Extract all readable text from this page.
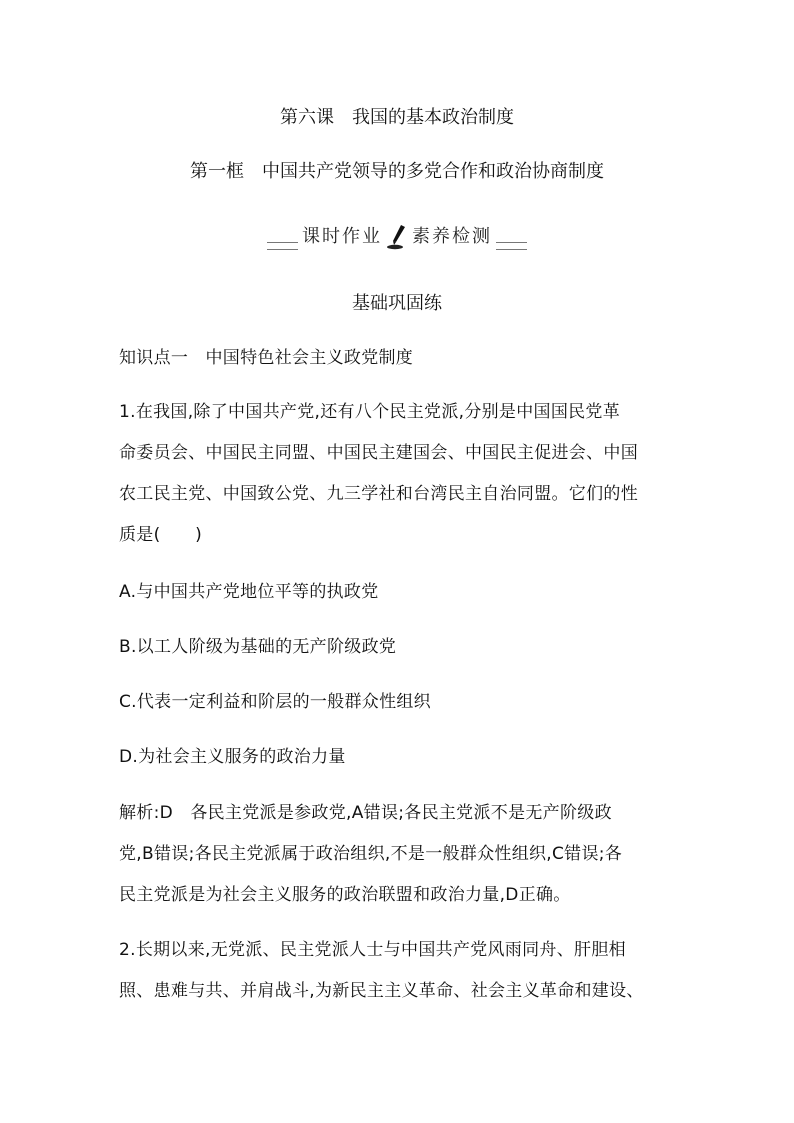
第六课　我国的基本政治制度
第一框　中国共产党领导的多党合作和政治协商制度
课时作业 素养检测
基础巩固练
知识点一　中国特色社会主义政党制度
1.在我国,除了中国共产党,还有八个民主党派,分别是中国国民党革
命委员会、中国民主同盟、中国民主建国会、中国民主促进会、中国
农工民主党、中国致公党、九三学社和台湾民主自治同盟。它们的性
质是(　　)
A.与中国共产党地位平等的执政党
B.以工人阶级为基础的无产阶级政党
C.代表一定利益和阶层的一般群众性组织
D.为社会主义服务的政治力量
解析:D　各民主党派是参政党,A错误;各民主党派不是无产阶级政
党,B错误;各民主党派属于政治组织,不是一般群众性组织,C错误;各
民主党派是为社会主义服务的政治联盟和政治力量,D正确。
2.长期以来,无党派、民主党派人士与中国共产党风雨同舟、肝胆相
照、患难与共、并肩战斗,为新民主主义革命、社会主义革命和建设、
